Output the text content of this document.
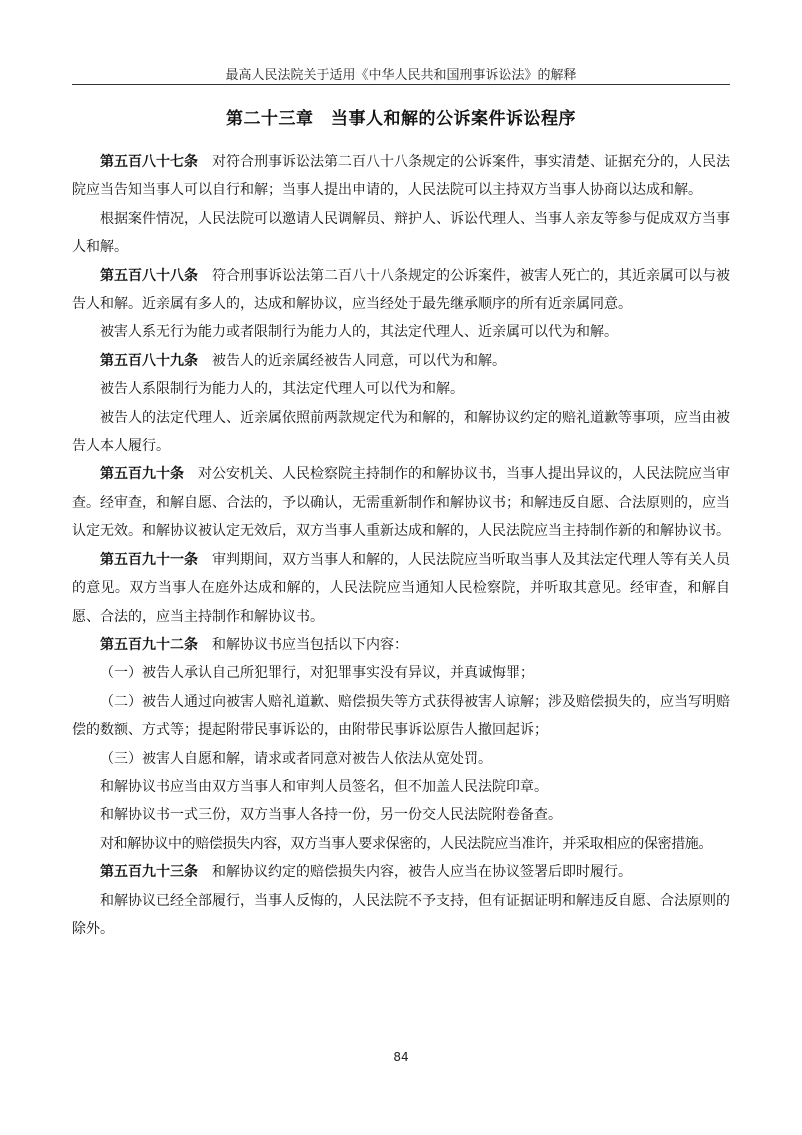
最高人民法院关于适用《中华人民共和国刑事诉讼法》的解释
第二十三章　当事人和解的公诉案件诉讼程序

第五百八十七条　对符合刑事诉讼法第二百八十八条规定的公诉案件，事实清楚、证据充分的，人民法院应当告知当事人可以自行和解；当事人提出申请的，人民法院可以主持双方当事人协商以达成和解。

根据案件情况，人民法院可以邀请人民调解员、辩护人、诉讼代理人、当事人亲友等参与促成双方当事人和解。

第五百八十八条　符合刑事诉讼法第二百八十八条规定的公诉案件，被害人死亡的，其近亲属可以与被告人和解。近亲属有多人的，达成和解协议，应当经处于最先继承顺序的所有近亲属同意。

被害人系无行为能力或者限制行为能力人的，其法定代理人、近亲属可以代为和解。

第五百八十九条　被告人的近亲属经被告人同意，可以代为和解。

被告人系限制行为能力人的，其法定代理人可以代为和解。

被告人的法定代理人、近亲属依照前两款规定代为和解的，和解协议约定的赔礼道歉等事项，应当由被告人本人履行。

第五百九十条　对公安机关、人民检察院主持制作的和解协议书，当事人提出异议的，人民法院应当审查。经审查，和解自愿、合法的，予以确认，无需重新制作和解协议书；和解违反自愿、合法原则的，应当认定无效。和解协议被认定无效后，双方当事人重新达成和解的，人民法院应当主持制作新的和解协议书。

第五百九十一条　审判期间，双方当事人和解的，人民法院应当听取当事人及其法定代理人等有关人员的意见。双方当事人在庭外达成和解的，人民法院应当通知人民检察院，并听取其意见。经审查，和解自愿、合法的，应当主持制作和解协议书。

第五百九十二条　和解协议书应当包括以下内容：

（一）被告人承认自己所犯罪行，对犯罪事实没有异议，并真诚悔罪；

（二）被告人通过向被害人赔礼道歉、赔偿损失等方式获得被害人谅解；涉及赔偿损失的，应当写明赔偿的数额、方式等；提起附带民事诉讼的，由附带民事诉讼原告人撤回起诉；

（三）被害人自愿和解，请求或者同意对被告人依法从宽处罚。

和解协议书应当由双方当事人和审判人员签名，但不加盖人民法院印章。

和解协议书一式三份，双方当事人各持一份，另一份交人民法院附卷备查。

对和解协议中的赔偿损失内容，双方当事人要求保密的，人民法院应当准许，并采取相应的保密措施。

第五百九十三条　和解协议约定的赔偿损失内容，被告人应当在协议签署后即时履行。

和解协议已经全部履行，当事人反悔的，人民法院不予支持，但有证据证明和解违反自愿、合法原则的除外。

84
